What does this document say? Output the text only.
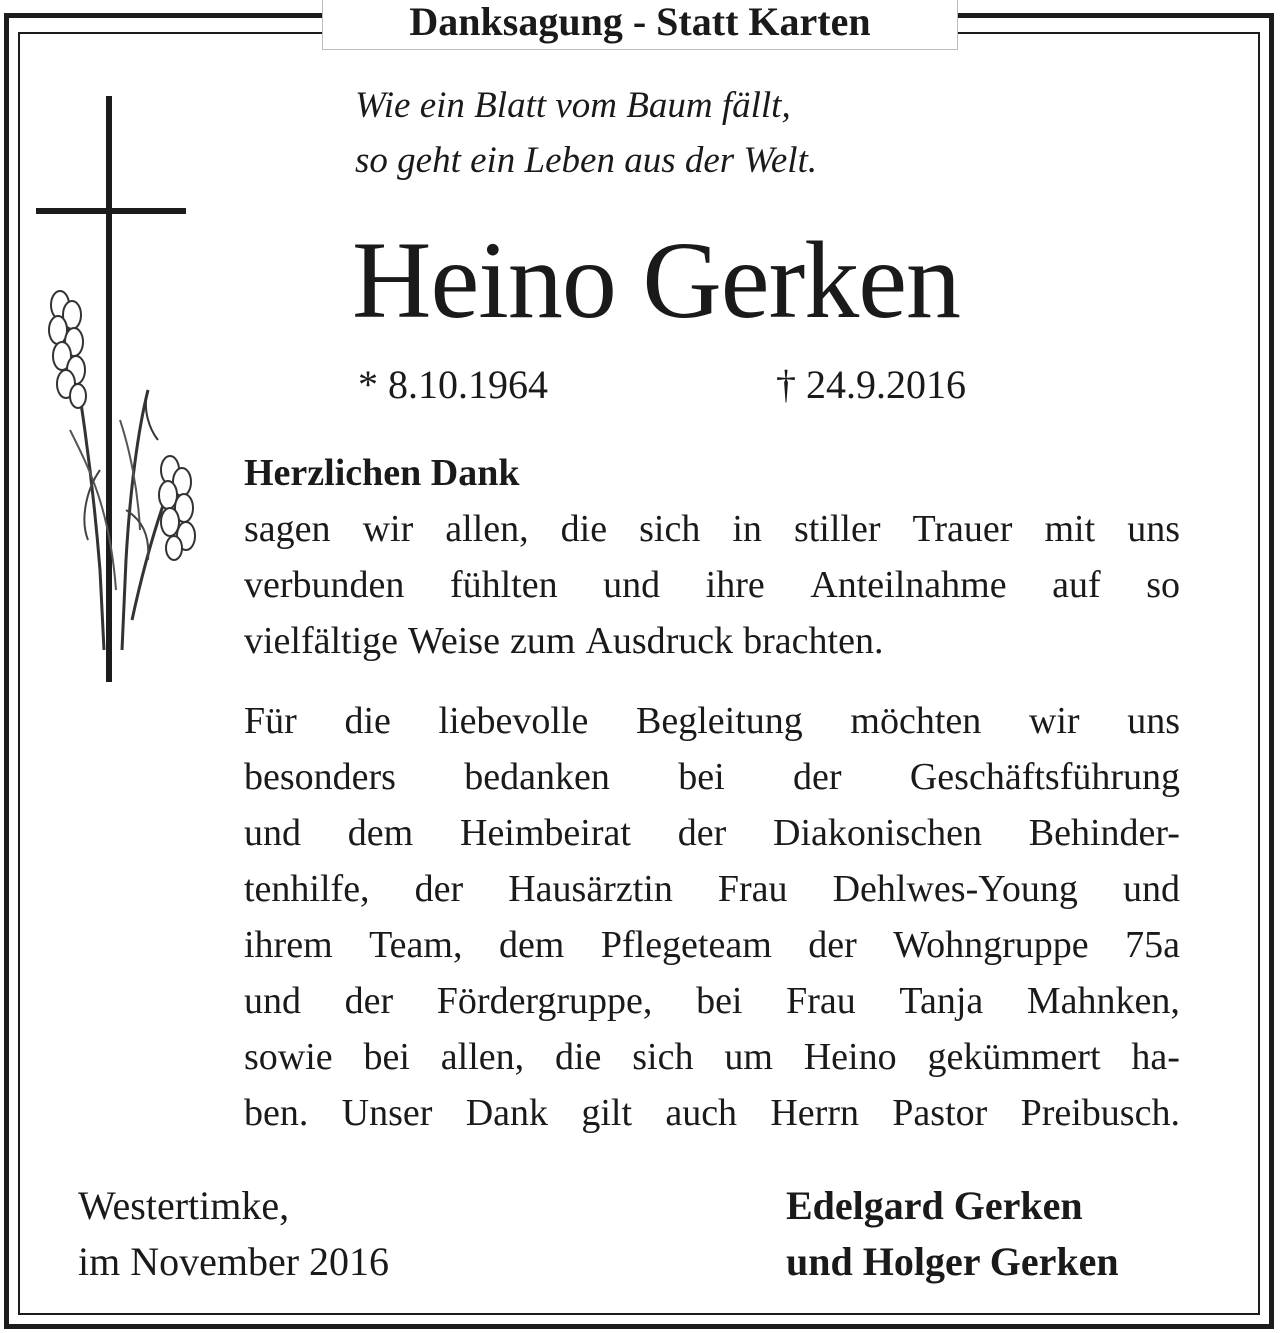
Danksagung - Statt Karten
Wie ein Blatt vom Baum fällt,
so geht ein Leben aus der Welt.
Heino Gerken
* 8.10.1964	† 24.9.2016
Herzlichen Dank
sagen wir allen, die sich in stiller Trauer mit uns
verbunden fühlten und ihre Anteilnahme auf so
vielfältige Weise zum Ausdruck brachten.
Für die liebevolle Begleitung möchten wir uns
besonders bedanken bei der Geschäftsführung
und dem Heimbeirat der Diakonischen Behinder-
tenhilfe, der Hausärztin Frau Dehlwes-Young und
ihrem Team, dem Pflegeteam der Wohngruppe 75a
und der Fördergruppe, bei Frau Tanja Mahnken,
sowie bei allen, die sich um Heino gekümmert ha-
ben. Unser Dank gilt auch Herrn Pastor Preibusch.
Westertimke,
im November 2016
Edelgard Gerken
und Holger Gerken
